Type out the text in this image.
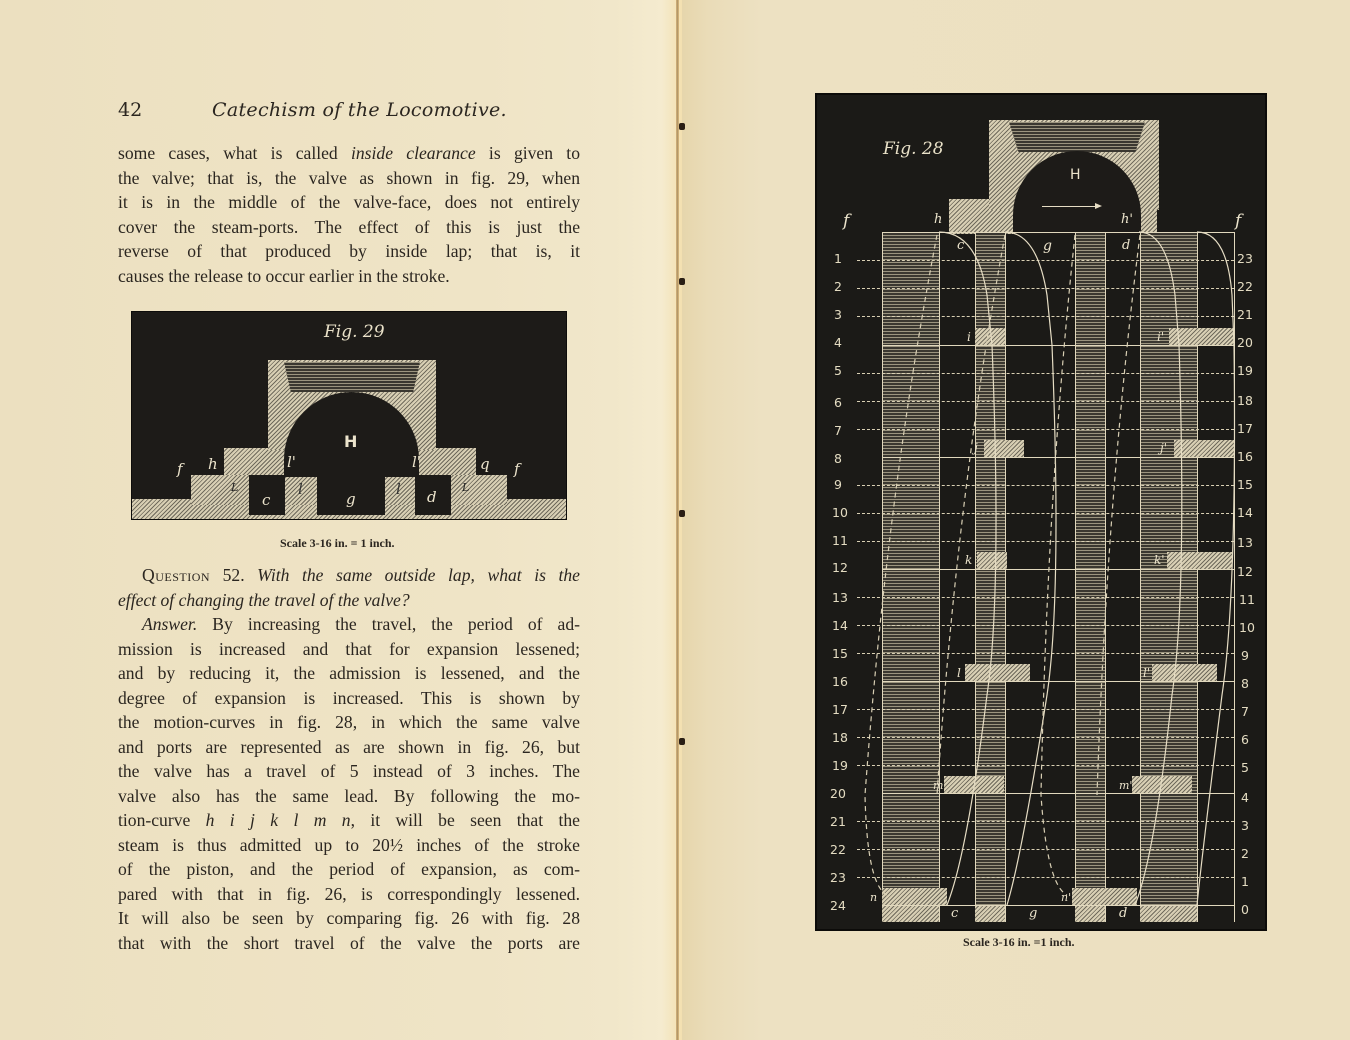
42	Catechism of the Locomotive.
some cases, what is called inside clearance is given to
the valve; that is, the valve as shown in fig. 29, when
it is in the middle of the valve-face, does not entirely
cover the steam-ports. The effect of this is just the
reverse of that produced by inside lap; that is, it
causes the release to occur earlier in the stroke.
Fig. 29
H
f h	l'	l'	q f
L
c
l
g
l d
L
Scale 3-16 in. = 1 inch.
Question 52. With the same outside lap, what is the
effect of changing the travel of the valve?
Answer. By increasing the travel, the period of ad-
mission is increased and that for expansion lessened;
and by reducing it, the admission is lessened, and the
degree of expansion is increased. This is shown by
the motion-curves in fig. 28, in which the same valve
and ports are represented as are shown in fig. 26, but
the valve has a travel of 5 instead of 3 inches. The
valve also has the same lead. By following the mo-
tion-curve h i j k l m n, it will be seen that the
steam is thus admitted up to 20½ inches of the stroke
of the piston, and the period of expansion, as com-
pared with that in fig. 26, is correspondingly lessened.
It will also be seen by comparing fig. 26 with fig. 28
that with the short travel of the valve the ports are
Fig. 28
H
f	f
h	h'
c	g	d
i	i'
j	j'
k	k'
l	l'
m	m'
n	n'
c	g	d
1
2
3
4
5
6
7
8
9
10
11
12
13
14
15
16
17
18
19
20
21
22
23
24
23
22
21
20
19
18
17
16
15
14
13
12
11
10
9
8
7
6
5
4
3
2
1
0
Scale 3-16 in. =1 inch.
